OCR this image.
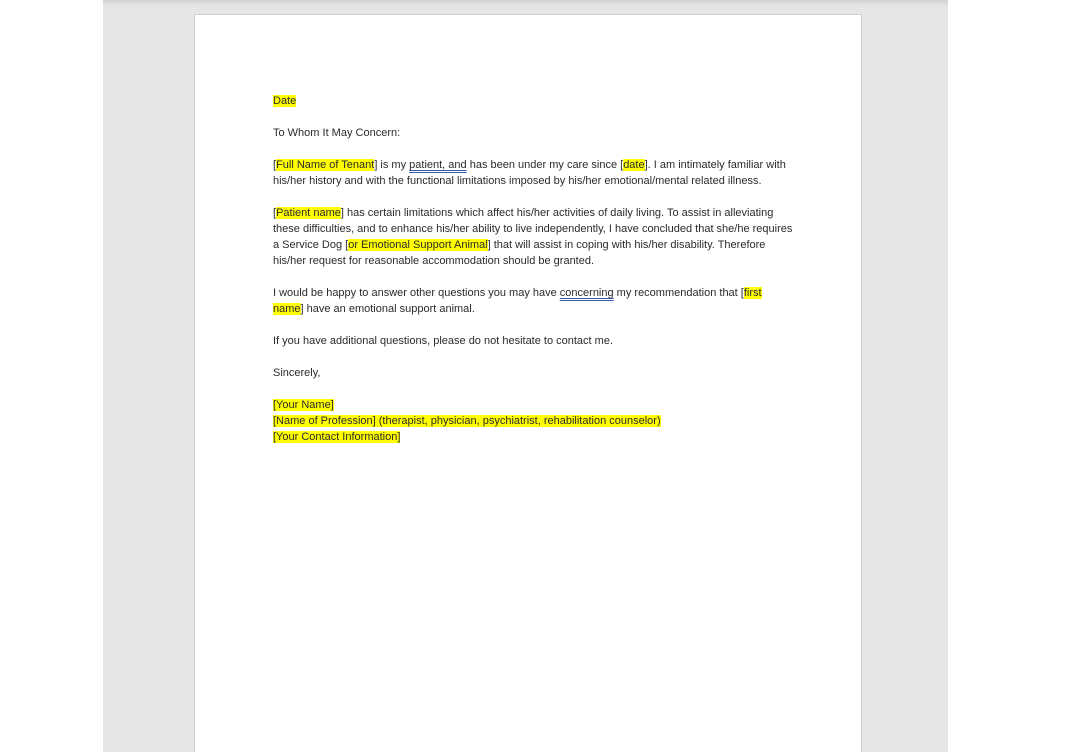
Date

To Whom It May Concern:

[Full Name of Tenant] is my patient, and has been under my care since [date]. I am intimately familiar with his/her history and with the functional limitations imposed by his/her emotional/mental related illness.

[Patient name] has certain limitations which affect his/her activities of daily living. To assist in alleviating these difficulties, and to enhance his/her ability to live independently, I have concluded that she/he requires a Service Dog [or Emotional Support Animal] that will assist in coping with his/her disability. Therefore his/her request for reasonable accommodation should be granted.

I would be happy to answer other questions you may have concerning my recommendation that [first name] have an emotional support animal.

If you have additional questions, please do not hesitate to contact me.

Sincerely,

[Your Name]

[Name of Profession] (therapist, physician, psychiatrist, rehabilitation counselor)

[Your Contact Information]
